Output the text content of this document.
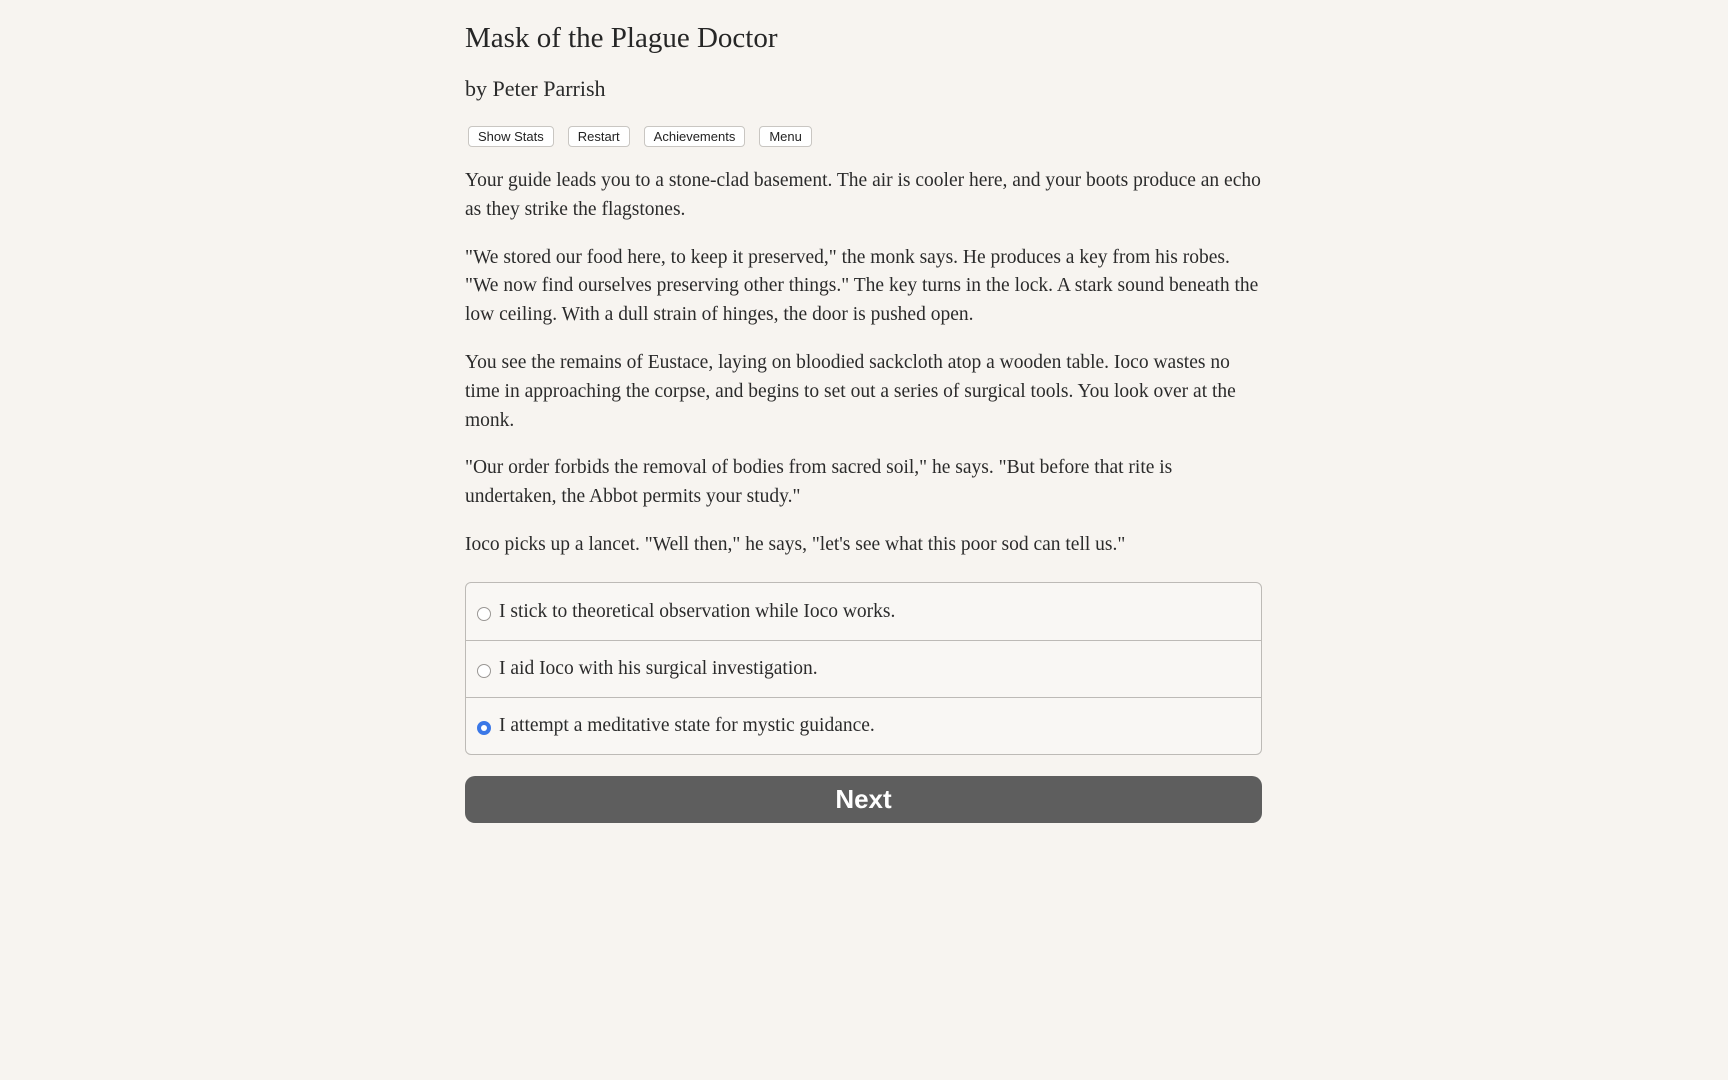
Mask of the Plague Doctor
by Peter Parrish
Show Stats	Restart	Achievements	Menu

Your guide leads you to a stone-clad basement. The air is cooler here, and your boots produce an echo as they strike the flagstones.

"We stored our food here, to keep it preserved," the monk says. He produces a key from his robes. "We now find ourselves preserving other things." The key turns in the lock. A stark sound beneath the low ceiling. With a dull strain of hinges, the door is pushed open.

You see the remains of Eustace, laying on bloodied sackcloth atop a wooden table. Ioco wastes no time in approaching the corpse, and begins to set out a series of surgical tools. You look over at the monk.

"Our order forbids the removal of bodies from sacred soil," he says. "But before that rite is undertaken, the Abbot permits your study."

Ioco picks up a lancet. "Well then," he says, "let's see what this poor sod can tell us."

I stick to theoretical observation while Ioco works.
I aid Ioco with his surgical investigation.
I attempt a meditative state for mystic guidance.
Next
